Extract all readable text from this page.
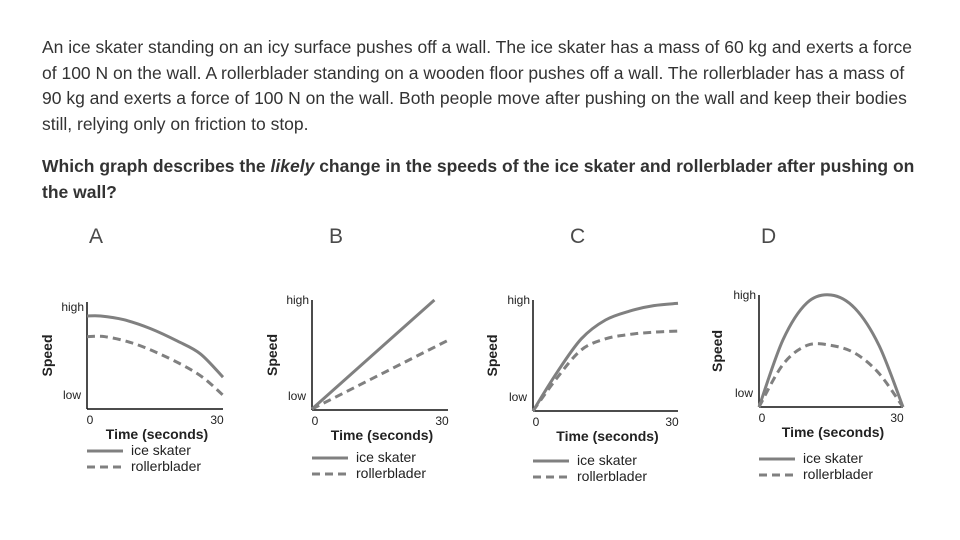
An ice skater standing on an icy surface pushes off a wall. The ice skater has a mass of 60 kg and exerts a force of 100 N on the wall. A rollerblader standing on a wooden floor pushes off a wall. The rollerblader has a mass of 90 kg and exerts a force of 100 N on the wall. Both people move after pushing on the wall and keep their bodies still, relying only on friction to stop.

Which graph describes the likely change in the speeds of the ice skater and rollerblader after pushing on the wall?

A	B	C	D
high
low
0	30
Speed
Time (seconds)
ice skater
rollerblader
high
low
0	30
Speed
Time (seconds)
ice skater
rollerblader
high
low
0	30
Speed
Time (seconds)
ice skater
rollerblader
high
low
0	30
Speed
Time (seconds)
ice skater
rollerblader
